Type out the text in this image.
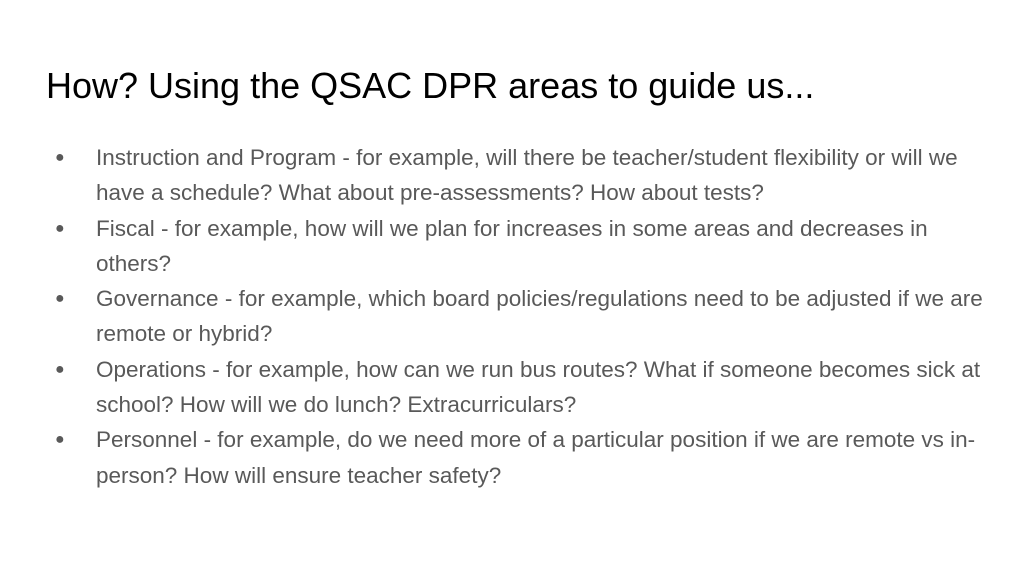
How? Using the QSAC DPR areas to guide us...
● Instruction and Program - for example, will there be teacher/student flexibility or will we have a schedule? What about pre-assessments? How about tests?
● Fiscal - for example, how will we plan for increases in some areas and decreases in others?
● Governance - for example, which board policies/regulations need to be adjusted if we are remote or hybrid?
● Operations - for example, how can we run bus routes? What if someone becomes sick at school? How will we do lunch? Extracurriculars?
● Personnel - for example, do we need more of a particular position if we are remote vs in-person? How will ensure teacher safety?
